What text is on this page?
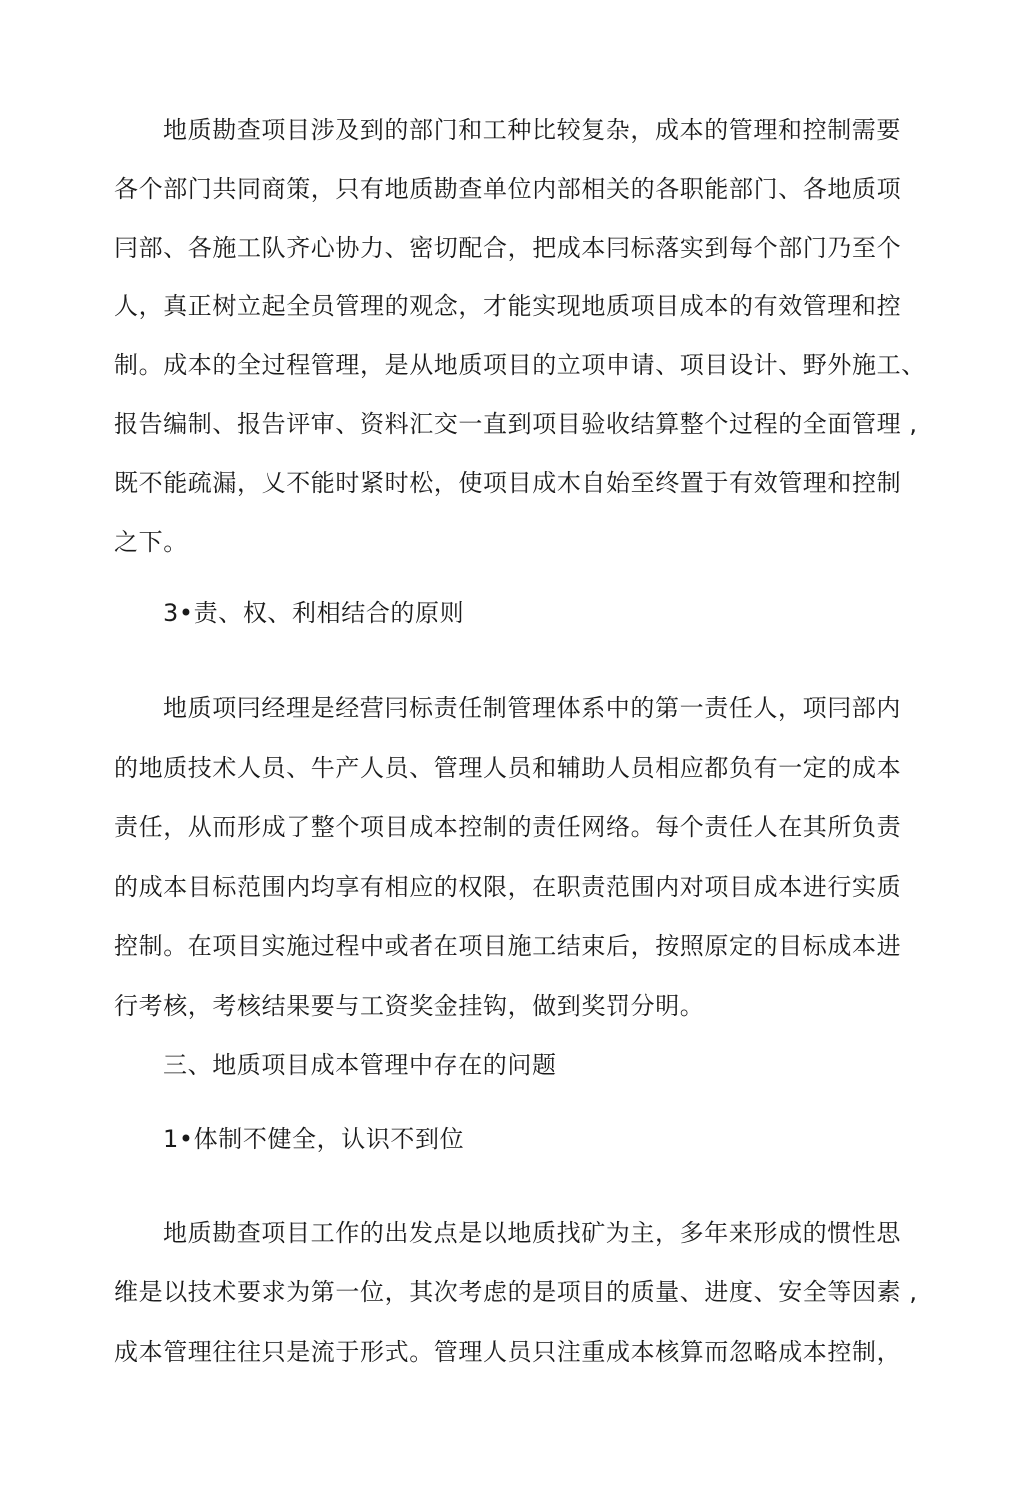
地质勘查项目涉及到的部门和工种比较复杂，成本的管理和控制需要
各个部门共同商策，只有地质勘查单位内部相关的各职能部门、各地质项
冃部、各施工队齐心协力、密切配合，把成本冃标落实到每个部门乃至个
人，真正树立起全员管理的观念，才能实现地质项目成本的有效管理和控
制。成本的全过程管理，是从地质项目的立项申请、项目设计、野外施工、
报告编制、报告评审、资料汇交一直到项目验收结算整个过程的全面管理 ,
既不能疏漏，乂不能时紧时松，使项目成木自始至终置于有效管理和控制
之下。
3•责、权、利相结合的原则
地质项冃经理是经营冃标责任制管理体系中的第一责任人，项冃部内
的地质技术人员、牛产人员、管理人员和辅助人员相应都负有一定的成本
责任，从而形成了整个项目成本控制的责任网络。每个责任人在其所负责
的成本目标范围内均享有相应的权限，在职责范围内对项目成本进行实质
控制。在项目实施过程中或者在项目施工结束后，按照原定的目标成本进
行考核，考核结果要与工资奖金挂钩，做到奖罚分明。
三、地质项目成本管理中存在的问题
1•体制不健全，认识不到位
地质勘查项目工作的出发点是以地质找矿为主，多年来形成的惯性思
维是以技术要求为第一位，其次考虑的是项目的质量、进度、安全等因素 ,
成本管理往往只是流于形式。管理人员只注重成本核算而忽略成本控制，
